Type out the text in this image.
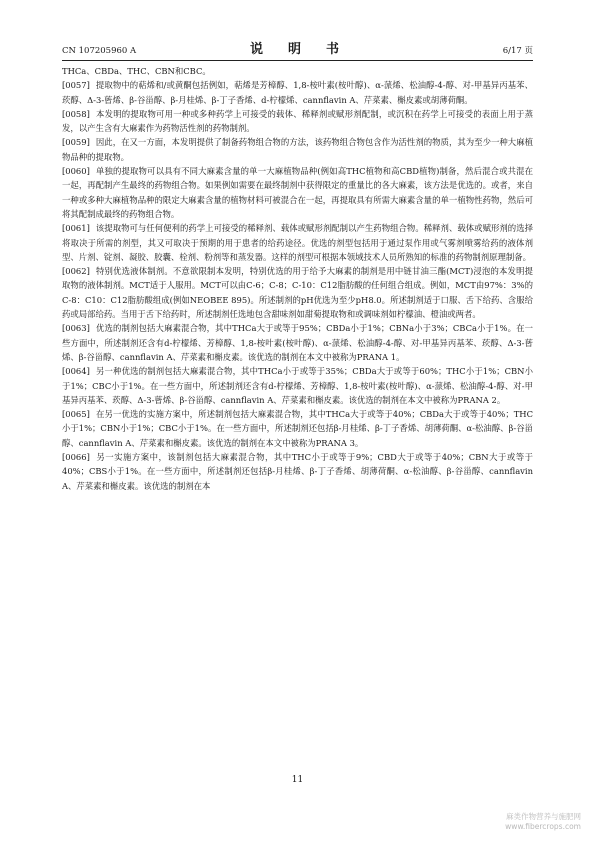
CN 107205960 A	说　明　书	6/17 页

THCa、CBDa、THC、CBN和CBC。

[0057] 提取物中的萜烯和/或黄酮包括例如，萜烯是芳樟醇、1,8-桉叶素(桉叶醇)、α-蒎烯、松油醇-4-醇、对-甲基异丙基苯、莰醇、Δ-3-蒈烯、β-谷甾醇、β-月桂烯、β-丁子香烯、d-柠檬烯、cannflavin A、芹菜素、槲皮素或胡薄荷酮。

[0058] 本发明的提取物可用一种或多种药学上可接受的载体、稀释剂或赋形剂配制，或沉积在药学上可接受的表面上用于蒸发，以产生含有大麻素作为药物活性剂的药物制剂。

[0059] 因此，在又一方面，本发明提供了制备药物组合物的方法，该药物组合物包含作为活性剂的物质，其为至少一种大麻植物品种的提取物。

[0060] 单独的提取物可以具有不同大麻素含量的单一大麻植物品种(例如高THC植物和高CBD植物)制备，然后混合或共混在一起，再配制产生最终的药物组合物。如果例如需要在最终制剂中获得限定的重量比的各大麻素，该方法是优选的。或者，来自一种或多种大麻植物品种的限定大麻素含量的植物材料可被混合在一起，再提取具有所需大麻素含量的单一植物性药物，然后可将其配制成最终的药物组合物。

[0061] 该提取物可与任何便利的药学上可接受的稀释剂、载体或赋形剂配制以产生药物组合物。稀释剂、载体或赋形剂的选择将取决于所需的剂型，其又可取决于预期的用于患者的给药途径。优选的剂型包括用于通过泵作用或气雾剂喷雾给药的液体剂型、片剂、锭剂、凝胶、胶囊、栓剂、粉剂等和蒸发器。这样的剂型可根据本领域技术人员所熟知的标准的药物制剂原理制备。

[0062] 特别优选液体制剂。不意欲限制本发明，特别优选的用于给予大麻素的制剂是用中链甘油三酯(MCT)浸泡的本发明提取物的液体制剂。MCT适于人服用。MCT可以由C-6；C-8；C-10：C12脂肪酸的任何组合组成。例如，MCT由97%：3%的C-8：C10：C12脂肪酸组成(例如NEOBEE 895)。所述制剂的pH优选为至少pH8.0。所述制剂适于口服、舌下给药、含服给药或局部给药。当用于舌下给药时，所述制剂任选地包含甜味剂如甜菊提取物和或调味剂如柠檬油、橙油或两者。

[0063] 优选的制剂包括大麻素混合物，其中THCa大于或等于95%；CBDa小于1%；CBNa小于3%；CBCa小于1%。在一些方面中，所述制剂还含有d-柠檬烯、芳樟醇、1,8-桉叶素(桉叶醇)、α-蒎烯、松油醇-4-醇、对-甲基异丙基苯、莰醇、Δ-3-蒈烯、β-谷甾醇、cannflavin A、芹菜素和槲皮素。该优选的制剂在本文中被称为PRANA 1。

[0064] 另一种优选的制剂包括大麻素混合物，其中THCa小于或等于35%；CBDa大于或等于60%；THC小于1%；CBN小于1%；CBC小于1%。在一些方面中，所述制剂还含有d-柠檬烯、芳樟醇、1,8-桉叶素(桉叶醇)、α-蒎烯、松油醇-4-醇、对-甲基异丙基苯、莰醇、Δ-3-蒈烯、β-谷甾醇、cannflavin A、芹菜素和槲皮素。该优选的制剂在本文中被称为PRANA 2。

[0065] 在另一优选的实施方案中，所述制剂包括大麻素混合物，其中THCa大于或等于40%；CBDa大于或等于40%；THC小于1%；CBN小于1%；CBC小于1%。在一些方面中，所述制剂还包括β-月桂烯、β-丁子香烯、胡薄荷酮、α-松油醇、β-谷甾醇、cannflavin A、芹菜素和槲皮素。该优选的制剂在本文中被称为PRANA 3。

[0066] 另一实施方案中，该制剂包括大麻素混合物，其中THC小于或等于9%；CBD大于或等于40%；CBN大于或等于40%；CBS小于1%。在一些方面中，所述制剂还包括β-月桂烯、β-丁子香烯、胡薄荷酮、α-松油醇、β-谷甾醇、cannflavin A、芹菜素和槲皮素。该优选的制剂在本

11
麻类作物营养与施肥网
www.fibercrops.com
